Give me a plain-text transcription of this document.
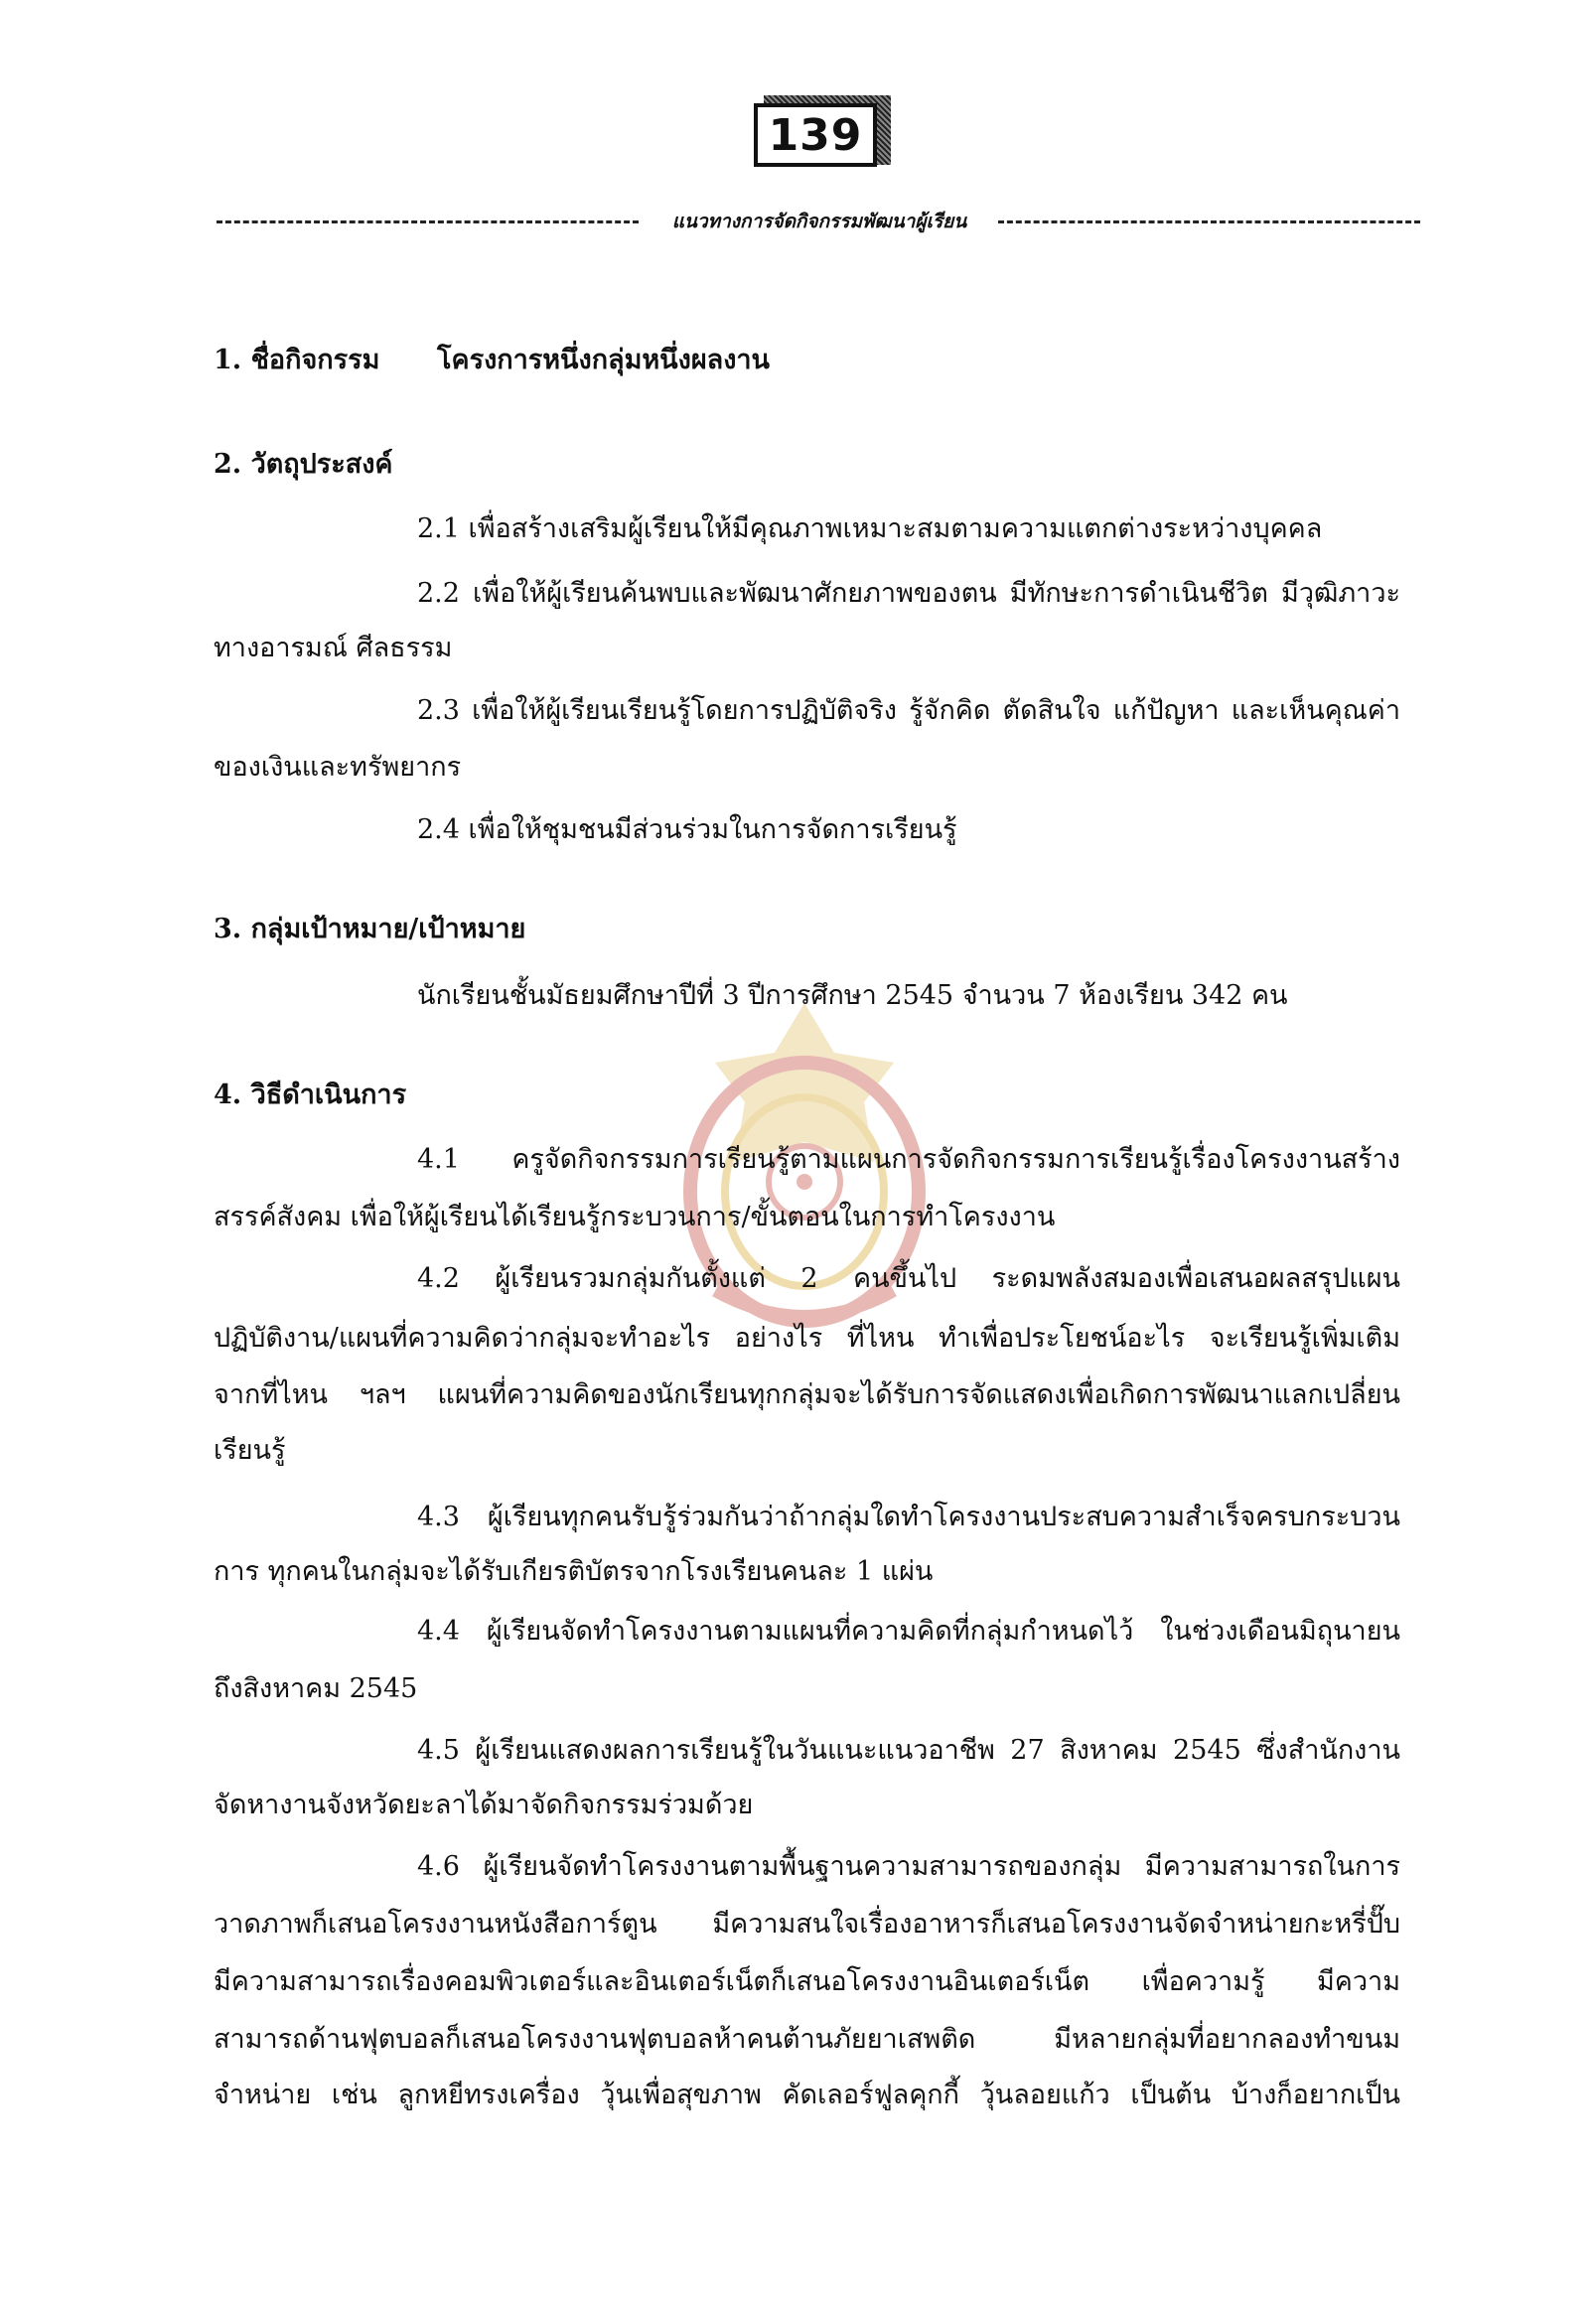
139
แนวทางการจัดกิจกรรมพัฒนาผู้เรียน
1. ชื่อกิจกรรม โครงการหนึ่งกลุ่มหนึ่งผลงาน
2. วัตถุประสงค์
2.1 เพื่อสร้างเสริมผู้เรียนให้มีคุณภาพเหมาะสมตามความแตกต่างระหว่างบุคคล
2.2 เพื่อให้ผู้เรียนค้นพบและพัฒนาศักยภาพของตน มีทักษะการดำเนินชีวิต มีวุฒิภาวะ
ทางอารมณ์ ศีลธรรม
2.3 เพื่อให้ผู้เรียนเรียนรู้โดยการปฏิบัติจริง รู้จักคิด ตัดสินใจ แก้ปัญหา และเห็นคุณค่า
ของเงินและทรัพยากร
2.4 เพื่อให้ชุมชนมีส่วนร่วมในการจัดการเรียนรู้
3. กลุ่มเป้าหมาย/เป้าหมาย
นักเรียนชั้นมัธยมศึกษาปีที่ 3 ปีการศึกษา 2545 จำนวน 7 ห้องเรียน 342 คน
4. วิธีดำเนินการ
4.1 ครูจัดกิจกรรมการเรียนรู้ตามแผนการจัดกิจกรรมการเรียนรู้เรื่องโครงงานสร้าง
สรรค์สังคม เพื่อให้ผู้เรียนได้เรียนรู้กระบวนการ/ขั้นตอนในการทำโครงงาน
4.2 ผู้เรียนรวมกลุ่มกันตั้งแต่ 2 คนขึ้นไป ระดมพลังสมองเพื่อเสนอผลสรุปแผน
ปฏิบัติงาน/แผนที่ความคิดว่ากลุ่มจะทำอะไร อย่างไร ที่ไหน ทำเพื่อประโยชน์อะไร จะเรียนรู้เพิ่มเติม
จากที่ไหน ฯลฯ แผนที่ความคิดของนักเรียนทุกกลุ่มจะได้รับการจัดแสดงเพื่อเกิดการพัฒนาแลกเปลี่ยน
เรียนรู้
4.3 ผู้เรียนทุกคนรับรู้ร่วมกันว่าถ้ากลุ่มใดทำโครงงานประสบความสำเร็จครบกระบวน
การ ทุกคนในกลุ่มจะได้รับเกียรติบัตรจากโรงเรียนคนละ 1 แผ่น
4.4 ผู้เรียนจัดทำโครงงานตามแผนที่ความคิดที่กลุ่มกำหนดไว้ ในช่วงเดือนมิถุนายน
ถึงสิงหาคม 2545
4.5 ผู้เรียนแสดงผลการเรียนรู้ในวันแนะแนวอาชีพ 27 สิงหาคม 2545 ซึ่งสำนักงาน
จัดหางานจังหวัดยะลาได้มาจัดกิจกรรมร่วมด้วย
4.6 ผู้เรียนจัดทำโครงงานตามพื้นฐานความสามารถของกลุ่ม มีความสามารถในการ
วาดภาพก็เสนอโครงงานหนังสือการ์ตูน มีความสนใจเรื่องอาหารก็เสนอโครงงานจัดจำหน่ายกะหรี่ปั๊บ
มีความสามารถเรื่องคอมพิวเตอร์และอินเตอร์เน็ตก็เสนอโครงงานอินเตอร์เน็ต เพื่อความรู้ มีความ
สามารถด้านฟุตบอลก็เสนอโครงงานฟุตบอลห้าคนต้านภัยยาเสพติด มีหลายกลุ่มที่อยากลองทำขนม
จำหน่าย เช่น ลูกหยีทรงเครื่อง วุ้นเพื่อสุขภาพ คัดเลอร์ฟูลคุกกี้ วุ้นลอยแก้ว เป็นต้น บ้างก็อยากเป็น
